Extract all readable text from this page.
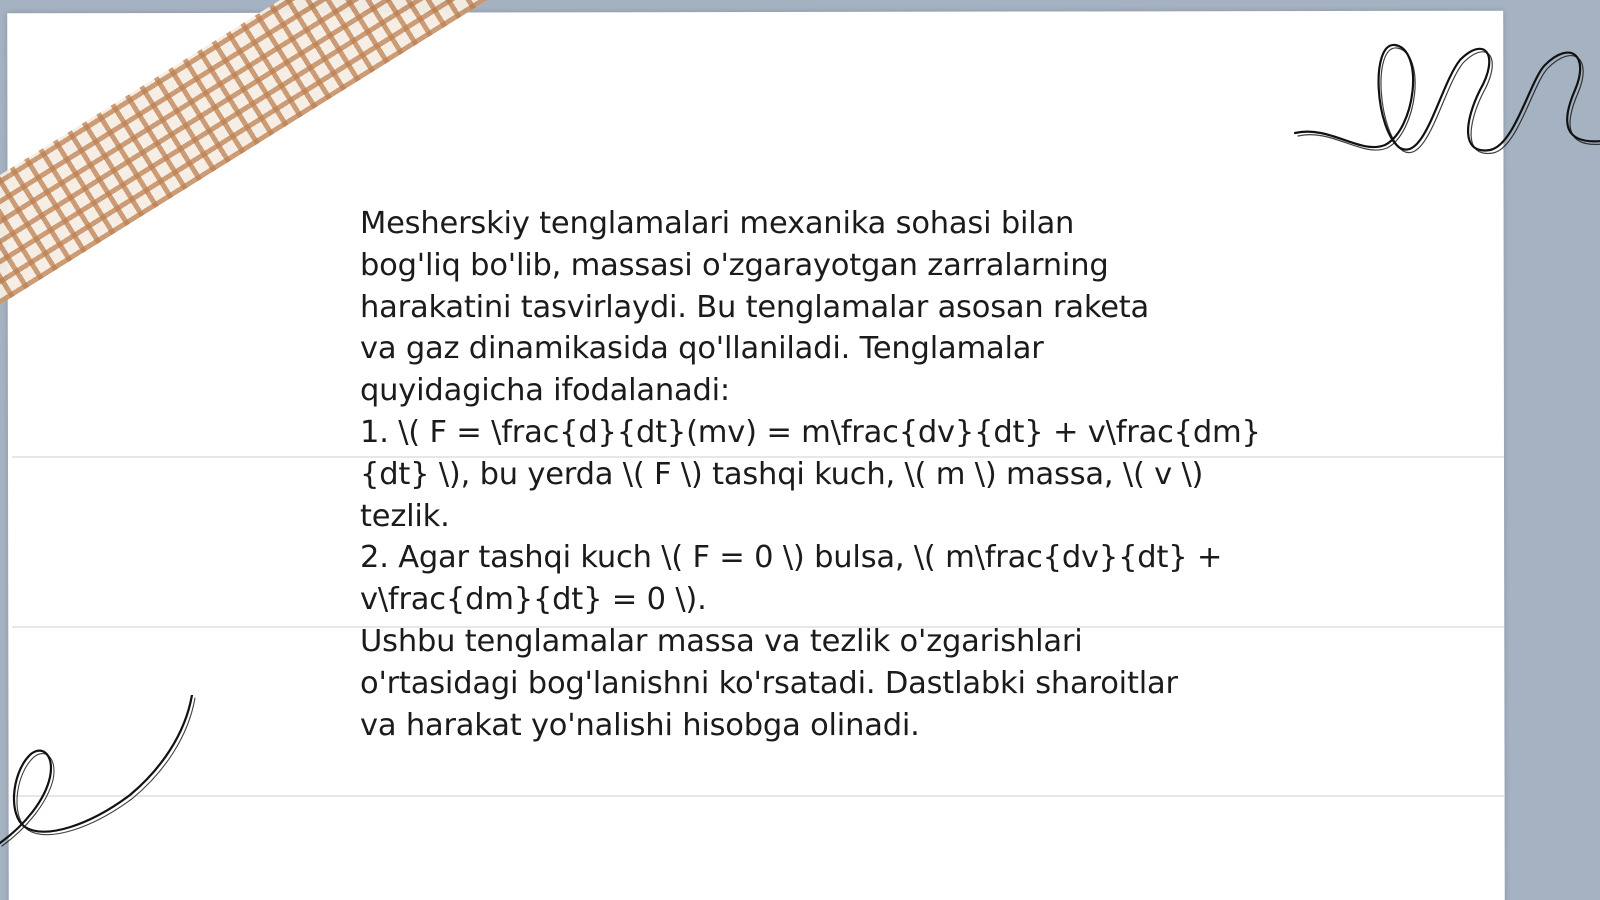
Mesherskiy tenglamalari mexanika sohasi bilan
bog'liq bo'lib, massasi o'zgarayotgan zarralarning
harakatini tasvirlaydi. Bu tenglamalar asosan raketa
va gaz dinamikasida qo'llaniladi. Tenglamalar
quyidagicha ifodalanadi:
1. \( F = \frac{d}{dt}(mv) = m\frac{dv}{dt} + v\frac{dm}
{dt} \), bu yerda \( F \) tashqi kuch, \( m \) massa, \( v \)
tezlik.
2. Agar tashqi kuch \( F = 0 \) bulsa, \( m\frac{dv}{dt} +
v\frac{dm}{dt} = 0 \).
Ushbu tenglamalar massa va tezlik o'zgarishlari
o'rtasidagi bog'lanishni ko'rsatadi. Dastlabki sharoitlar
va harakat yo'nalishi hisobga olinadi.
